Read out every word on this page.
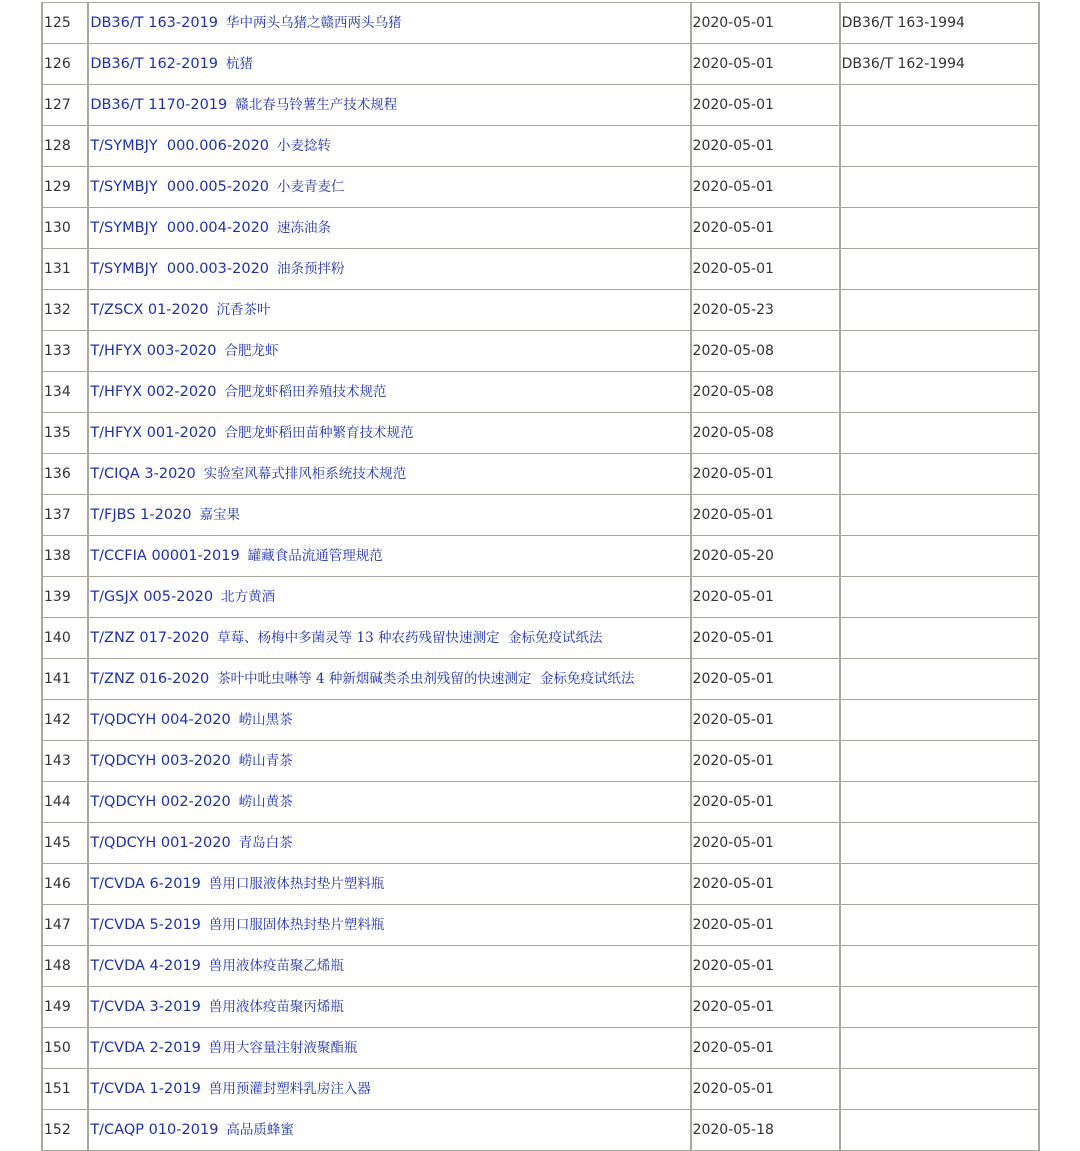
125	DB36/T 163-2019 华中两头乌猪之赣西两头乌猪	2020-05-01	DB36/T 163-1994
126	DB36/T 162-2019 杭猪	2020-05-01	DB36/T 162-1994
127	DB36/T 1170-2019 赣北春马铃薯生产技术规程	2020-05-01	
128	T/SYMBJY  000.006-2020 小麦捻转	2020-05-01	
129	T/SYMBJY  000.005-2020 小麦青麦仁	2020-05-01	
130	T/SYMBJY  000.004-2020 速冻油条	2020-05-01	
131	T/SYMBJY  000.003-2020 油条预拌粉	2020-05-01	
132	T/ZSCX 01-2020 沉香茶叶	2020-05-23	
133	T/HFYX 003-2020 合肥龙虾	2020-05-08	
134	T/HFYX 002-2020 合肥龙虾稻田养殖技术规范	2020-05-08	
135	T/HFYX 001-2020 合肥龙虾稻田苗种繁育技术规范	2020-05-08	
136	T/CIQA 3-2020 实验室风幕式排风柜系统技术规范	2020-05-01	
137	T/FJBS 1-2020 嘉宝果	2020-05-01	
138	T/CCFIA 00001-2019 罐藏食品流通管理规范	2020-05-20	
139	T/GSJX 005-2020 北方黄酒	2020-05-01	
140	T/ZNZ 017-2020 草莓、杨梅中多菌灵等 13 种农药残留快速测定  金标免疫试纸法	2020-05-01	
141	T/ZNZ 016-2020 茶叶中吡虫啉等 4 种新烟碱类杀虫剂残留的快速测定  金标免疫试纸法	2020-05-01	
142	T/QDCYH 004-2020 崂山黑茶	2020-05-01	
143	T/QDCYH 003-2020 崂山青茶	2020-05-01	
144	T/QDCYH 002-2020 崂山黄茶	2020-05-01	
145	T/QDCYH 001-2020 青岛白茶	2020-05-01	
146	T/CVDA 6-2019 兽用口服液体热封垫片塑料瓶	2020-05-01	
147	T/CVDA 5-2019 兽用口服固体热封垫片塑料瓶	2020-05-01	
148	T/CVDA 4-2019 兽用液体疫苗聚乙烯瓶	2020-05-01	
149	T/CVDA 3-2019 兽用液体疫苗聚丙烯瓶	2020-05-01	
150	T/CVDA 2-2019 兽用大容量注射液聚酯瓶	2020-05-01	
151	T/CVDA 1-2019 兽用预灌封塑料乳房注入器	2020-05-01	
152	T/CAQP 010-2019 高品质蜂蜜	2020-05-18	
